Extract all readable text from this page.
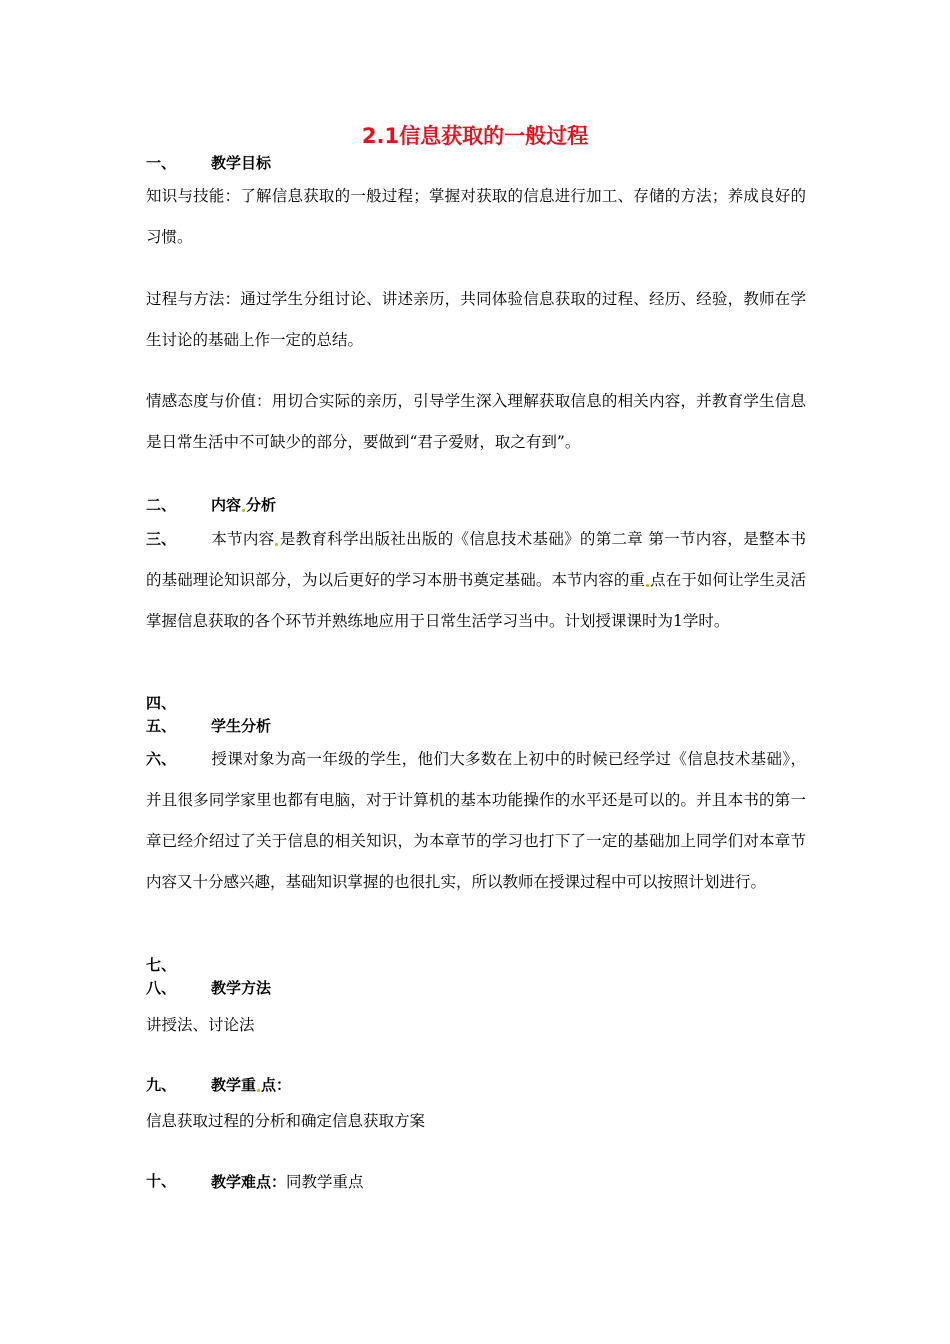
2.1信息获取的一般过程
一、 教学目标
知识与技能：了解信息获取的一般过程；掌握对获取的信息进行加工、存储的方法；养成良好的习惯。
过程与方法：通过学生分组讨论、讲述亲历，共同体验信息获取的过程、经历、经验，教师在学生讨论的基础上作一定的总结。
情感态度与价值：用切合实际的亲历，引导学生深入理解获取信息的相关内容，并教育学生信息是日常生活中不可缺少的部分，要做到“君子爱财，取之有到”。
二、 内容 分析
三、 本节内容 是教育科学出版社出版的《信息技术基础》的第二章 第一节内容，是整本书的基础理论知识部分，为以后更好的学习本册书奠定基础。本节内容的重 点在于如何让学生灵活掌握信息获取的各个环节并熟练地应用于日常生活学习当中。计划授课课时为1学时。
四、
五、 学生分析
六、 授课对象为高一年级的学生，他们大多数在上初中的时候已经学过《信息技术基础》，并且很多同学家里也都有电脑，对于计算机的基本功能操作的水平还是可以的。并且本书的第一章已经介绍过了关于信息的相关知识，为本章节的学习也打下了一定的基础加上同学们对本章节内容又十分感兴趣，基础知识掌握的也很扎实，所以教师在授课过程中可以按照计划进行。
七、
八、 教学方法
讲授法、讨论法
九、 教学重 点：
信息获取过程的分析和确定信息获取方案
十、 教学难点：同教学重点
